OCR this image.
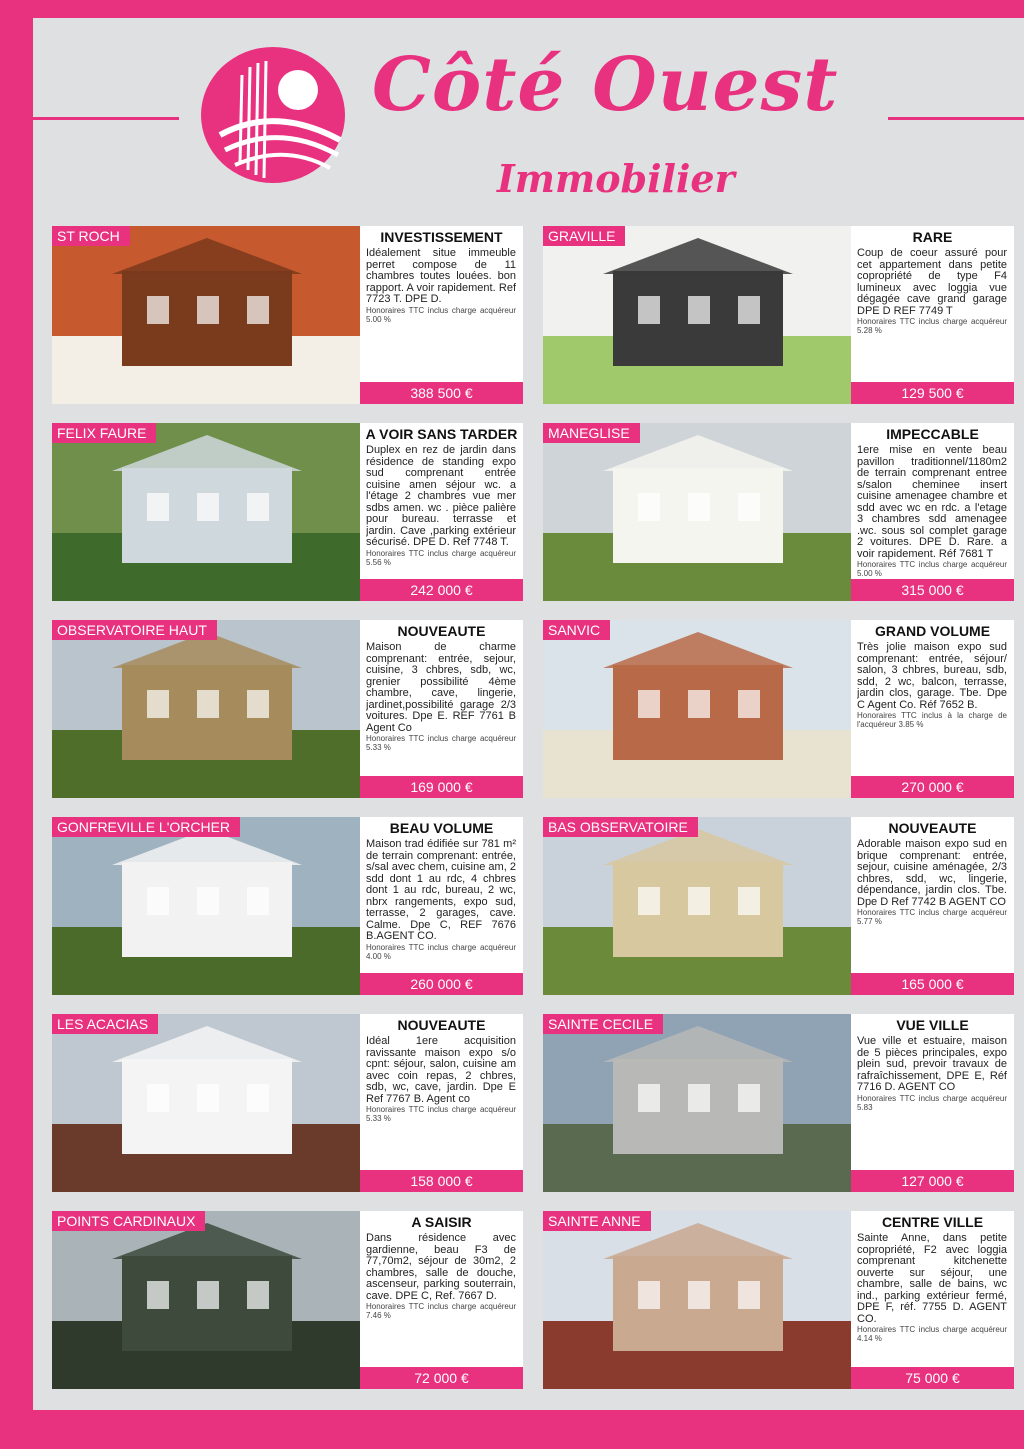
Côté Ouest
Immobilier
ST ROCH	INVESTISSEMENT
Idéalement situe immeuble perret compose de 11 chambres toutes louées. bon rapport. A voir rapidement. Ref 7723 T. DPE D.
Honoraires TTC inclus charge acquéreur 5.00 %
388 500 €
GRAVILLE	RARE
Coup de coeur assuré pour cet appartement dans petite copropriété de type F4 lumineux avec loggia vue dégagée cave grand garage DPE D REF 7749 T
Honoraires TTC inclus charge acquéreur 5.28 %
129 500 €
FELIX FAURE	A VOIR SANS TARDER
Duplex en rez de jardin dans résidence de standing expo sud comprenant entrée cuisine amen séjour wc. a l'étage 2 chambres vue mer sdbs amen. wc . pièce palière pour bureau. terrasse et jardin. Cave ,parking extérieur sécurisé. DPE D. Ref 7748 T.
Honoraires TTC inclus charge acquéreur 5.56 %
242 000 €
MANEGLISE	IMPECCABLE
1ere mise en vente beau pavillon traditionnel/1180m2 de terrain comprenant entree s/salon cheminee insert cuisine amenagee chambre et sdd avec wc en rdc. a l'etage 3 chambres sdd amenagee .wc. sous sol complet garage 2 voitures. DPE D. Rare. a voir rapidement. Réf 7681 T
Honoraires TTC inclus charge acquéreur 5.00 %
315 000 €
OBSERVATOIRE HAUT	NOUVEAUTE
Maison de charme comprenant: entrée, sejour, cuisine, 3 chbres, sdb, wc, grenier possibilité 4ème chambre, cave, lingerie, jardinet,possibilité garage 2/3 voitures. Dpe E. REF 7761 B Agent Co
Honoraires TTC inclus charge acquéreur 5.33 %
169 000 €
SANVIC	GRAND VOLUME
Très jolie maison expo sud comprenant: entrée, séjour/ salon, 3 chbres, bureau, sdb, sdd, 2 wc, balcon, terrasse, jardin clos, garage. Tbe. Dpe C Agent Co. Réf 7652 B.
Honoraires TTC inclus à la charge de l'acquéreur 3.85 %
270 000 €
GONFREVILLE L'ORCHER	BEAU VOLUME
Maison trad édifiée sur 781 m² de terrain comprenant: entrée, s/sal avec chem, cuisine am, 2 sdd dont 1 au rdc, 4 chbres dont 1 au rdc, bureau, 2 wc, nbrx rangements, expo sud, terrasse, 2 garages, cave. Calme. Dpe C, REF 7676 B.AGENT CO.
Honoraires TTC inclus charge acquéreur 4.00 %
260 000 €
BAS OBSERVATOIRE	NOUVEAUTE
Adorable maison expo sud en brique comprenant: entrée, sejour, cuisine aménagée, 2/3 chbres, sdd, wc, lingerie, dépendance, jardin clos. Tbe. Dpe D Ref 7742 B AGENT CO
Honoraires TTC inclus charge acquéreur 5.77 %
165 000 €
LES ACACIAS	NOUVEAUTE
Idéal 1ere acquisition ravissante maison expo s/o cpnt: séjour, salon, cuisine am avec coin repas, 2 chbres, sdb, wc, cave, jardin. Dpe E Ref 7767 B. Agent co
Honoraires TTC inclus charge acquéreur 5.33 %
158 000 €
SAINTE CECILE	VUE VILLE
Vue ville et estuaire, maison de 5 pièces principales, expo plein sud, prevoir travaux de rafraîchissement, DPE E, Réf 7716 D. AGENT CO
Honoraires TTC inclus charge acquéreur 5.83
127 000 €
POINTS CARDINAUX	A SAISIR
Dans résidence avec gardienne, beau F3 de 77,70m2, séjour de 30m2, 2 chambres, salle de douche, ascenseur, parking souterrain, cave. DPE C, Ref. 7667 D.
Honoraires TTC inclus charge acquéreur 7.46 %
72 000 €
SAINTE ANNE	CENTRE VILLE
Sainte Anne, dans petite copropriété, F2 avec loggia comprenant kitchenette ouverte sur séjour, une chambre, salle de bains, wc ind., parking extérieur fermé, DPE F, réf. 7755 D. AGENT CO.
Honoraires TTC inclus charge acquéreur 4.14 %
75 000 €
